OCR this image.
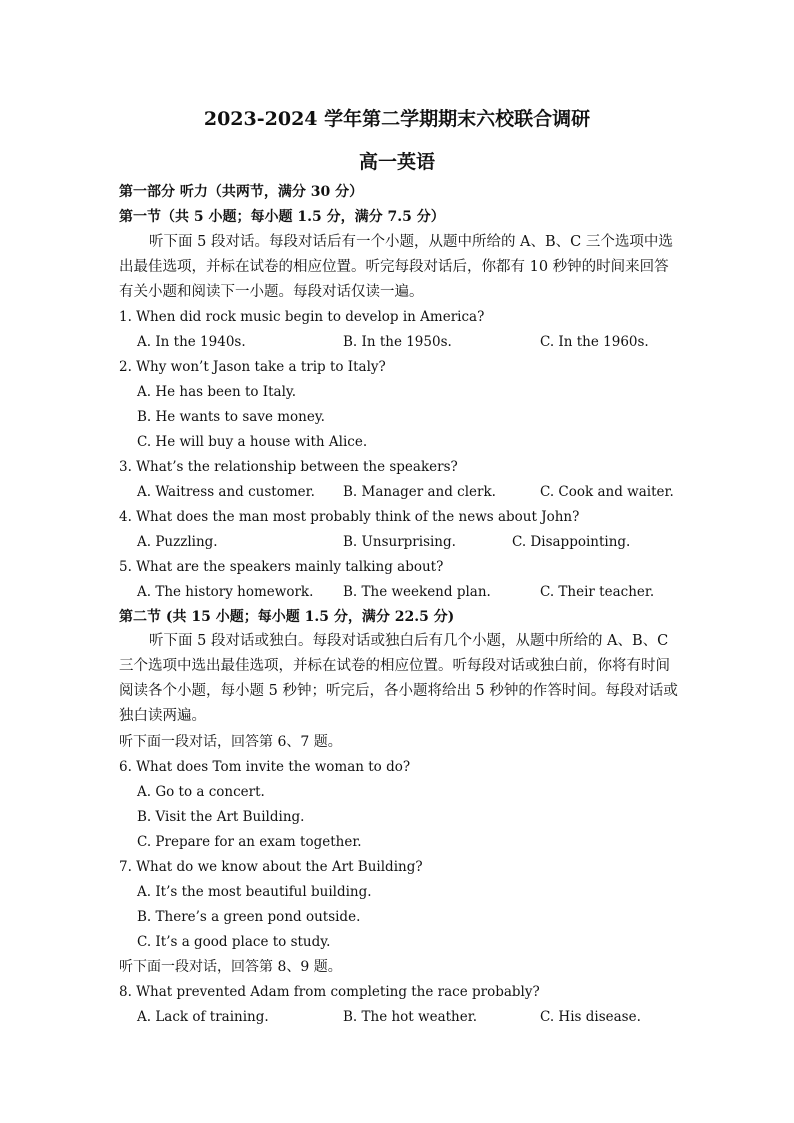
2023-2024 学年第二学期期末六校联合调研
高一英语
第一部分 听力（共两节，满分 30 分）
第一节（共 5 小题；每小题 1.5 分，满分 7.5 分）
听下面 5 段对话。每段对话后有一个小题，从题中所给的 A、B、C 三个选项中选出最佳选项，并标在试卷的相应位置。听完每段对话后，你都有 10 秒钟的时间来回答有关小题和阅读下一小题。每段对话仅读一遍。
1. When did rock music begin to develop in America?
A. In the 1940s.	B. In the 1950s.	C. In the 1960s.
2. Why won’t Jason take a trip to Italy?
A. He has been to Italy.
B. He wants to save money.
C. He will buy a house with Alice.
3. What’s the relationship between the speakers?
A. Waitress and customer. B. Manager and clerk.	C. Cook and waiter.
4. What does the man most probably think of the news about John?
A. Puzzling.	B. Unsurprising.	C. Disappointing.
5. What are the speakers mainly talking about?
A. The history homework. B. The weekend plan.	C. Their teacher.
第二节 (共 15 小题；每小题 1.5 分，满分 22.5 分)
听下面 5 段对话或独白。每段对话或独白后有几个小题，从题中所给的 A、B、C 三个选项中选出最佳选项，并标在试卷的相应位置。听每段对话或独白前，你将有时间阅读各个小题，每小题 5 秒钟；听完后，各小题将给出 5 秒钟的作答时间。每段对话或独白读两遍。
听下面一段对话，回答第 6、7 题。
6. What does Tom invite the woman to do?
A. Go to a concert.
B. Visit the Art Building.
C. Prepare for an exam together.
7. What do we know about the Art Building?
A. It’s the most beautiful building.
B. There’s a green pond outside.
C. It’s a good place to study.
听下面一段对话，回答第 8、9 题。
8. What prevented Adam from completing the race probably?
A. Lack of training.	B. The hot weather.	C. His disease.
